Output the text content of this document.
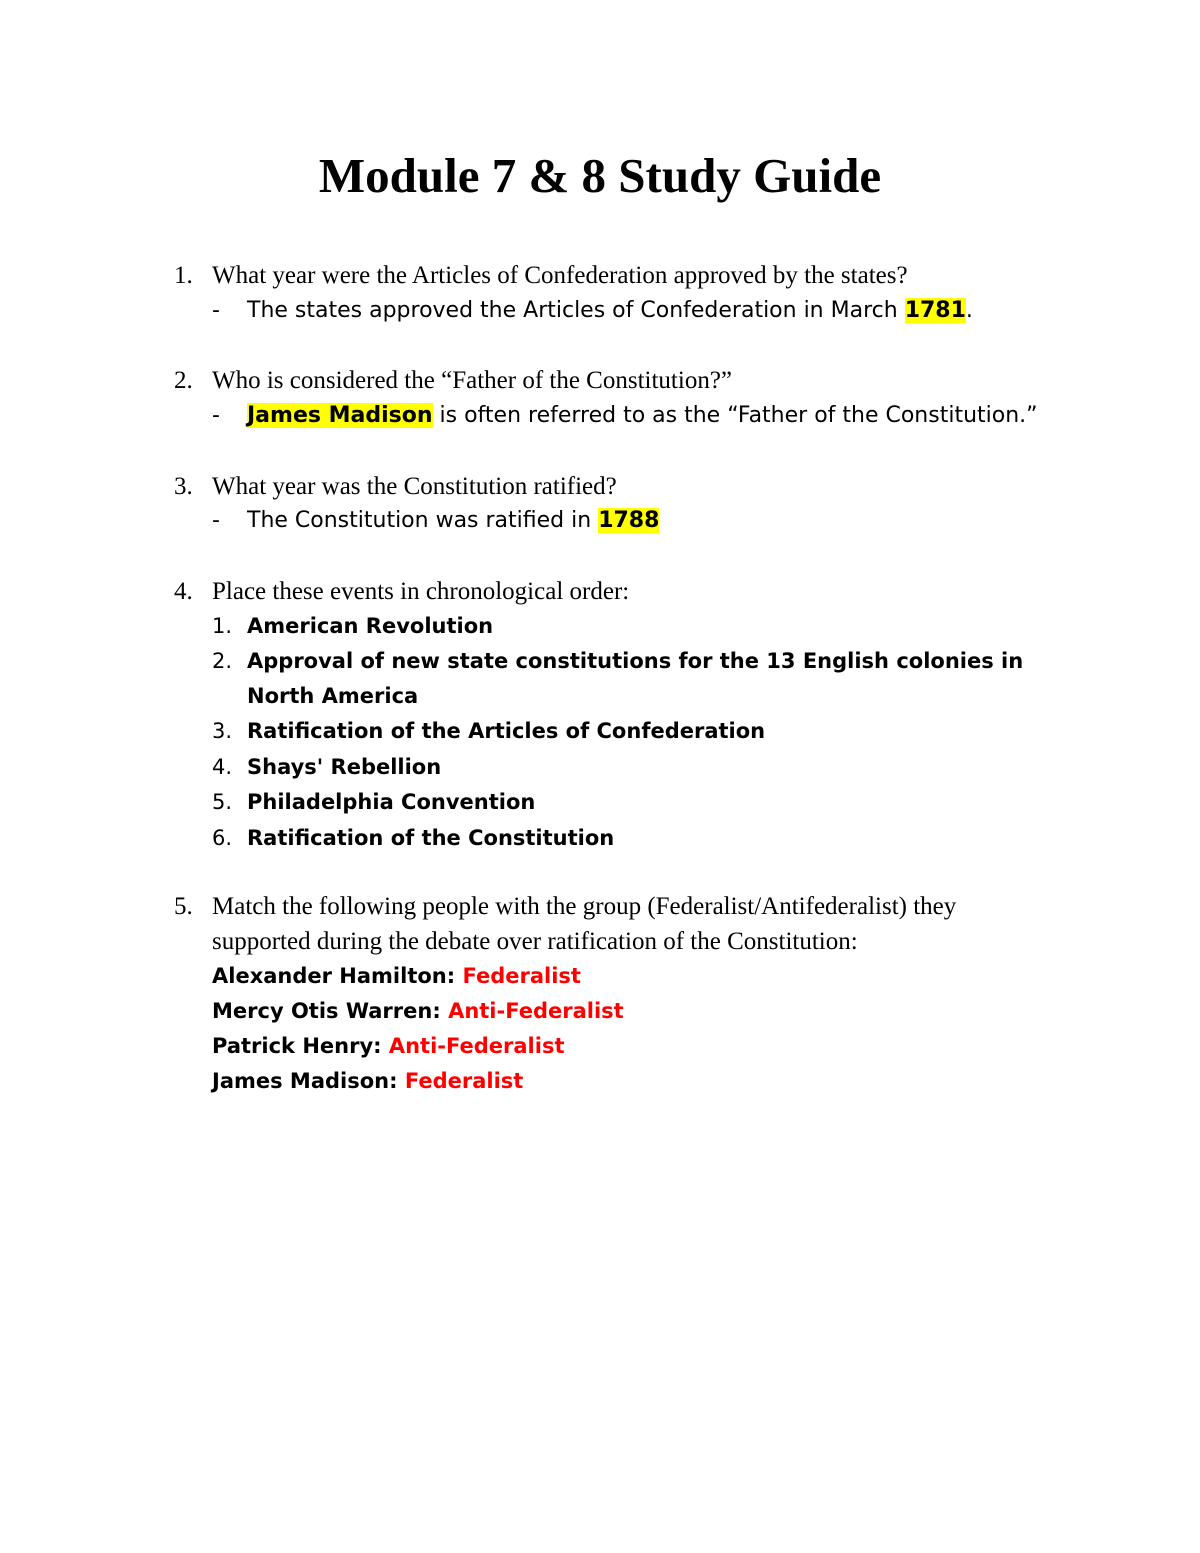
Module 7 & 8 Study Guide
1. What year were the Articles of Confederation approved by the states?
- The states approved the Articles of Confederation in March 1781.
2. Who is considered the “Father of the Constitution?”
- James Madison is often referred to as the “Father of the Constitution.”
3. What year was the Constitution ratified?
- The Constitution was ratified in 1788
4. Place these events in chronological order:
1. American Revolution
2. Approval of new state constitutions for the 13 English colonies in
North America
3. Ratification of the Articles of Confederation
4. Shays' Rebellion
5. Philadelphia Convention
6. Ratification of the Constitution
5. Match the following people with the group (Federalist/Antifederalist) they
supported during the debate over ratification of the Constitution:
Alexander Hamilton: Federalist
Mercy Otis Warren: Anti-Federalist
Patrick Henry: Anti-Federalist
James Madison: Federalist
